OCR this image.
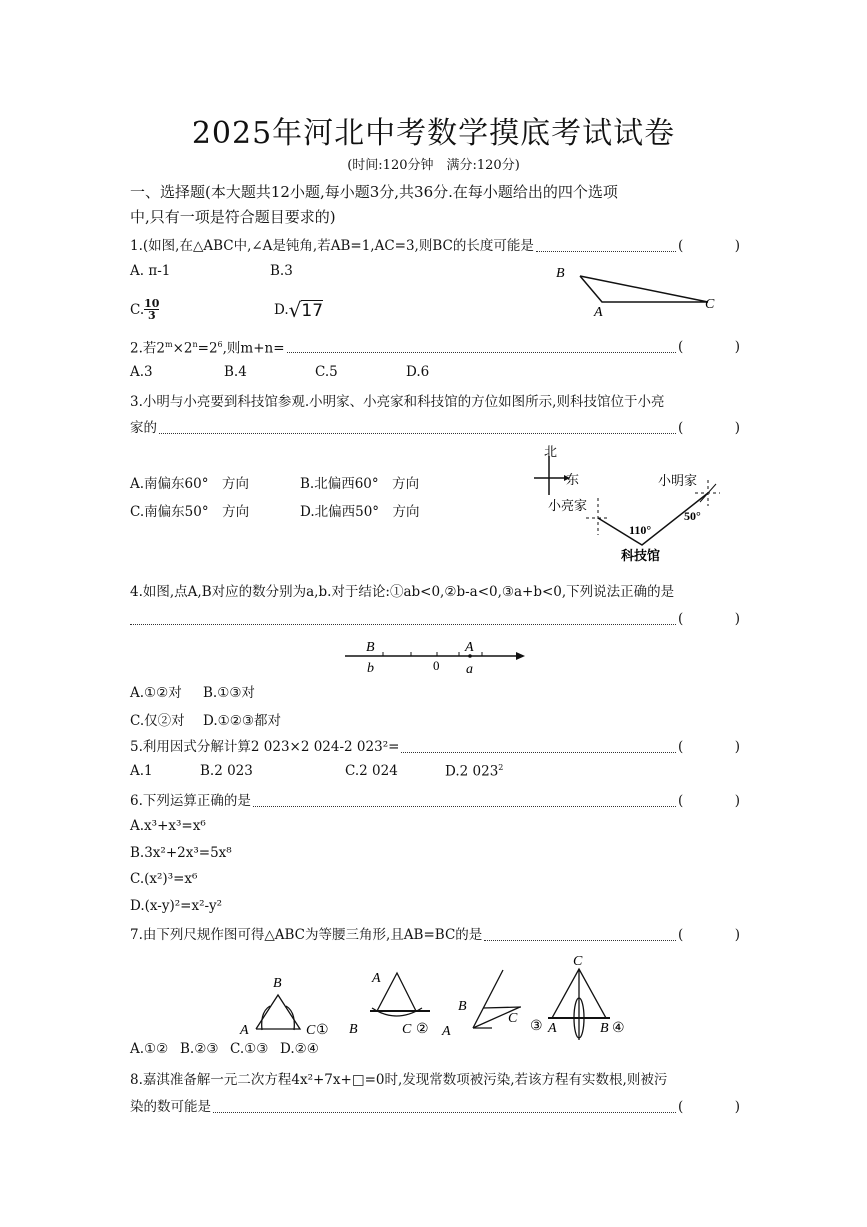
2025年河北中考数学摸底考试试卷
(时间:120分钟　满分:120分)
一、选择题(本大题共12小题,每小题3分,共36分.在每小题给出的四个选项
中,只有一项是符合题目要求的)
1.(如图,在△ABC中,∠A是钝角,若AB=1,AC=3,则BC的长度可能是	(	)
A. π-1	B.3
C. 10
3	D. √ 17
B
A
C
2.若$2^m\times 2^n=2^6$,则m+n=	(	)
A.3	B.4	C.5	D.6
3.小明与小亮要到科技馆参观.小明家、小亮家和科技馆的方位如图所示,则科技馆位于小亮
家的	(	)
A.南偏东60°　方向	B.北偏西60°　方向
C.南偏东50°　方向	D.北偏西50°　方向
北
东	小明家
小亮家
科技馆
110°
50°
4.如图,点A,B对应的数分别为a,b.对于结论:①ab<0,②b-a<0,③a+b<0,下列说法正确的是
(	)
B
b	0
A
a
A.①②对 B.①③对
C.仅②对 D.①②③都对
5.利用因式分解计算2 023×2 024-2 023²=	(	)
A.1	B.2 023	C.2 024	D.2 $023^2$
6.下列运算正确的是	(	)
A.x³+x³=x⁶
B.3x²+2x³=5x⁸
C.(x²)³=x⁶
D.(x-y)²=x²-y²
7.由下列尺规作图可得△ABC为等腰三角形,且AB=BC的是	(	)
B
A	C ①
A
B	C ②
B
A
C
③
C
A	B ④
A.①② B.②③ C.①③ D.②④
8.嘉淇准备解一元二次方程4x²+7x+□=0时,发现常数项被污染,若该方程有实数根,则被污
染的数可能是	(	)
